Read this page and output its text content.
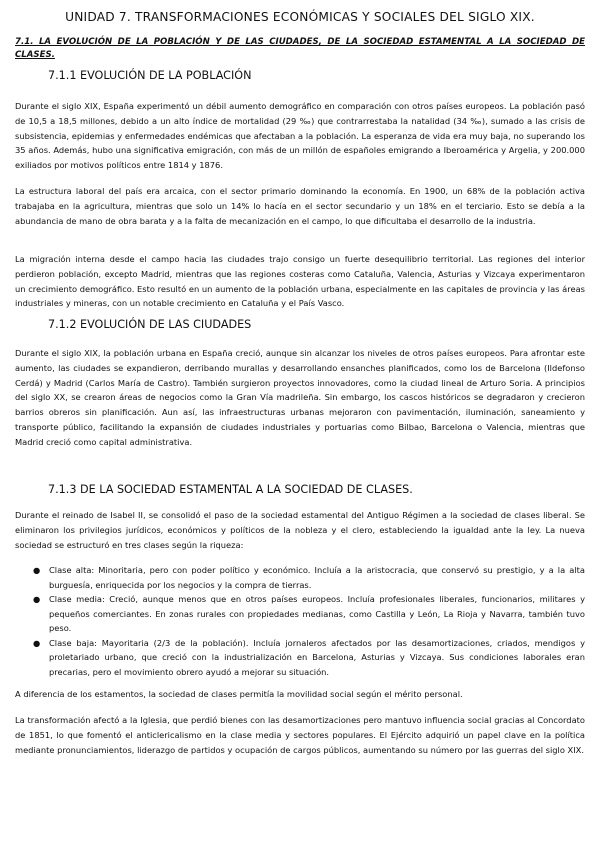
UNIDAD 7. TRANSFORMACIONES ECONÓMICAS Y SOCIALES DEL SIGLO XIX.
7.1. LA EVOLUCIÓN DE LA POBLACIÓN Y DE LAS CIUDADES, DE LA SOCIEDAD ESTAMENTAL A LA SOCIEDAD DE CLASES.
7.1.1 EVOLUCIÓN DE LA POBLACIÓN

Durante el siglo XIX, España experimentó un débil aumento demográfico en comparación con otros países europeos. La población pasó de 10,5 a 18,5 millones, debido a un alto índice de mortalidad (29 ‰) que contrarrestaba la natalidad (34 ‰), sumado a las crisis de subsistencia, epidemias y enfermedades endémicas que afectaban a la población. La esperanza de vida era muy baja, no superando los 35 años. Además, hubo una significativa emigración, con más de un millón de españoles emigrando a Iberoamérica y Argelia, y 200.000 exiliados por motivos políticos entre 1814 y 1876.

La estructura laboral del país era arcaica, con el sector primario dominando la economía. En 1900, un 68% de la población activa trabajaba en la agricultura, mientras que solo un 14% lo hacía en el sector secundario y un 18% en el terciario. Esto se debía a la abundancia de mano de obra barata y a la falta de mecanización en el campo, lo que dificultaba el desarrollo de la industria.

La migración interna desde el campo hacia las ciudades trajo consigo un fuerte desequilibrio territorial. Las regiones del interior perdieron población, excepto Madrid, mientras que las regiones costeras como Cataluña, Valencia, Asturias y Vizcaya experimentaron un crecimiento demográfico. Esto resultó en un aumento de la población urbana, especialmente en las capitales de provincia y las áreas industriales y mineras, con un notable crecimiento en Cataluña y el País Vasco.

7.1.2 EVOLUCIÓN DE LAS CIUDADES

Durante el siglo XIX, la población urbana en España creció, aunque sin alcanzar los niveles de otros países europeos. Para afrontar este aumento, las ciudades se expandieron, derribando murallas y desarrollando ensanches planificados, como los de Barcelona (Ildefonso Cerdá) y Madrid (Carlos María de Castro). También surgieron proyectos innovadores, como la ciudad lineal de Arturo Soria. A principios del siglo XX, se crearon áreas de negocios como la Gran Vía madrileña. Sin embargo, los cascos históricos se degradaron y crecieron barrios obreros sin planificación. Aun así, las infraestructuras urbanas mejoraron con pavimentación, iluminación, saneamiento y transporte público, facilitando la expansión de ciudades industriales y portuarias como Bilbao, Barcelona o Valencia, mientras que Madrid creció como capital administrativa.

7.1.3 DE LA SOCIEDAD ESTAMENTAL A LA SOCIEDAD DE CLASES.

Durante el reinado de Isabel II, se consolidó el paso de la sociedad estamental del Antiguo Régimen a la sociedad de clases liberal. Se eliminaron los privilegios jurídicos, económicos y políticos de la nobleza y el clero, estableciendo la igualdad ante la ley. La nueva sociedad se estructuró en tres clases según la riqueza:

● Clase alta: Minoritaria, pero con poder político y económico. Incluía a la aristocracia, que conservó su prestigio, y a la alta burguesía, enriquecida por los negocios y la compra de tierras.
● Clase media: Creció, aunque menos que en otros países europeos. Incluía profesionales liberales, funcionarios, militares y pequeños comerciantes. En zonas rurales con propiedades medianas, como Castilla y León, La Rioja y Navarra, también tuvo peso.
● Clase baja: Mayoritaria (2/3 de la población). Incluía jornaleros afectados por las desamortizaciones, criados, mendigos y proletariado urbano, que creció con la industrialización en Barcelona, Asturias y Vizcaya. Sus condiciones laborales eran precarias, pero el movimiento obrero ayudó a mejorar su situación.

A diferencia de los estamentos, la sociedad de clases permitía la movilidad social según el mérito personal.

La transformación afectó a la Iglesia, que perdió bienes con las desamortizaciones pero mantuvo influencia social gracias al Concordato de 1851, lo que fomentó el anticlericalismo en la clase media y sectores populares. El Ejército adquirió un papel clave en la política mediante pronunciamientos, liderazgo de partidos y ocupación de cargos públicos, aumentando su número por las guerras del siglo XIX.
